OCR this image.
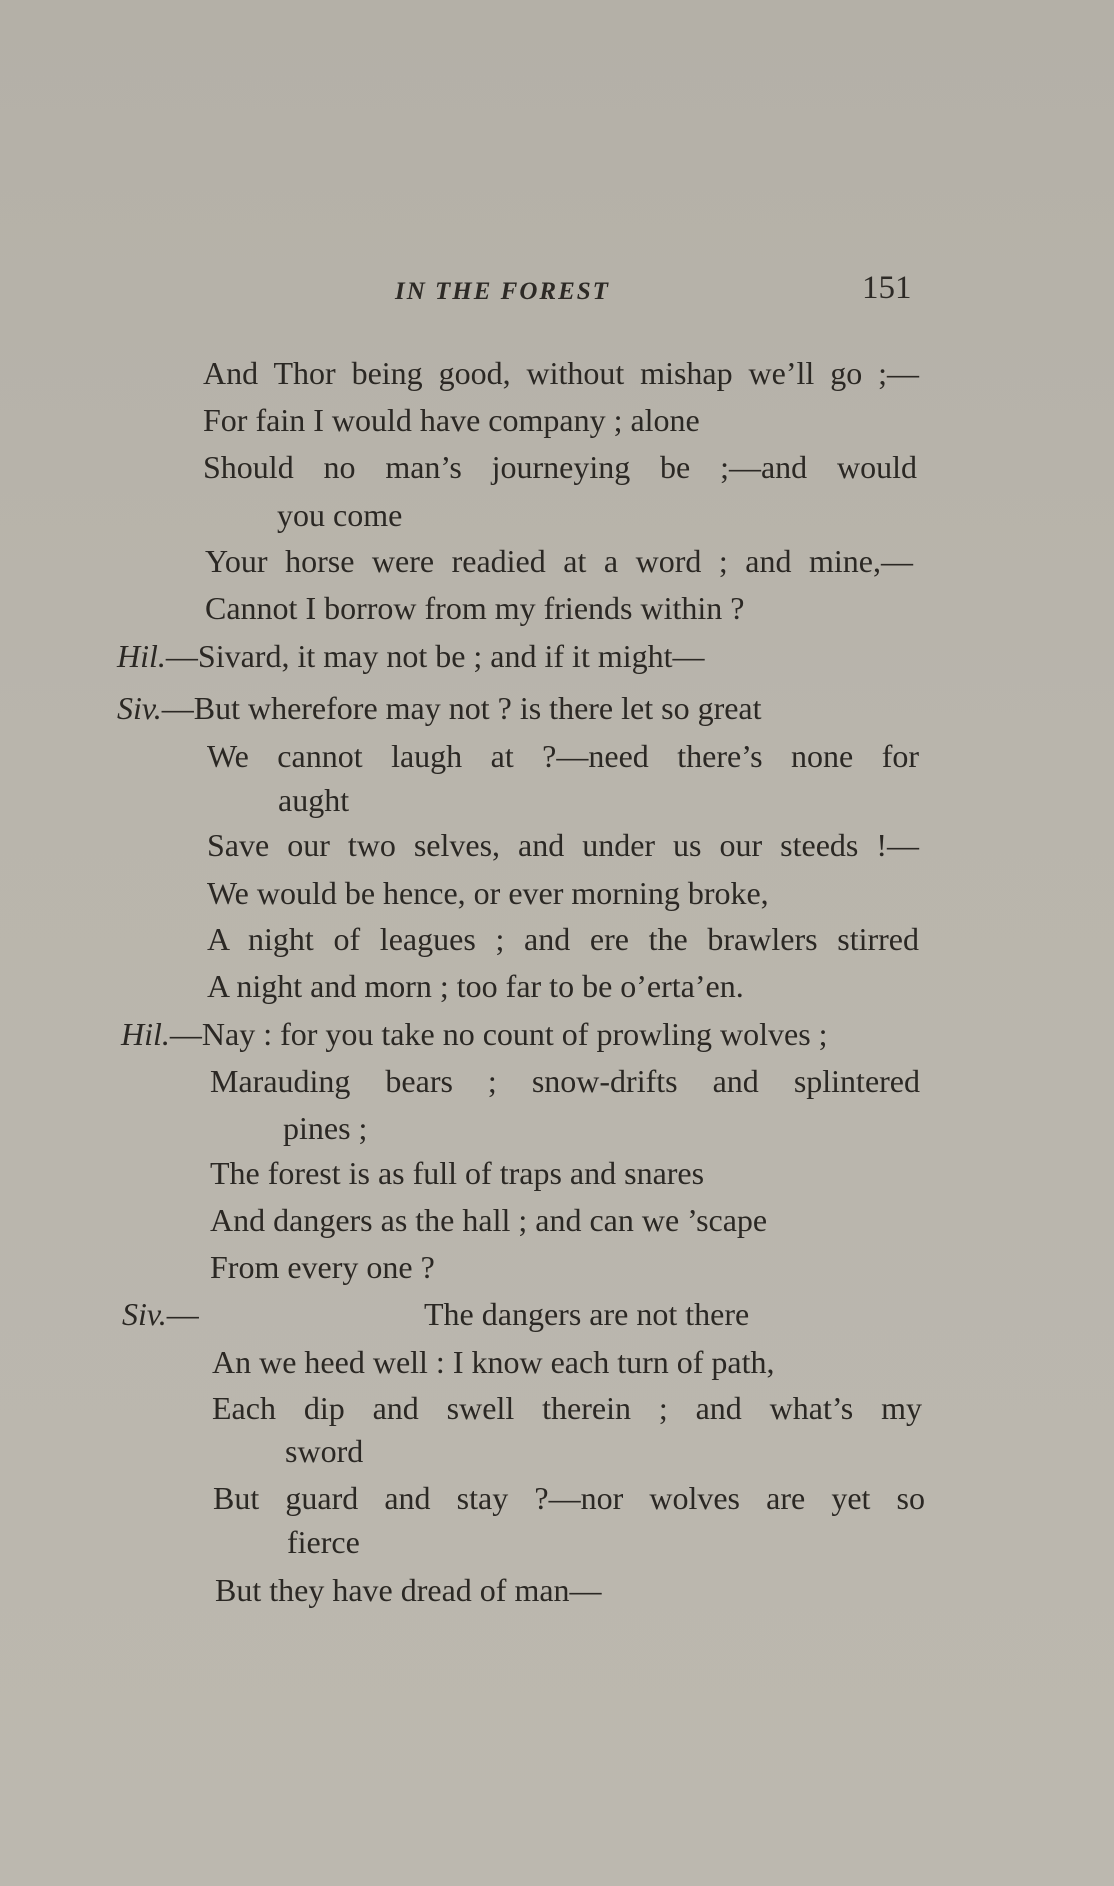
IN THE FOREST	151
And Thor being good, without mishap we’ll go ;—
For fain I would have company ; alone
Should no man’s journeying be ;—and would
you come
Your horse were readied at a word ; and mine,—
Cannot I borrow from my friends within ?
Hil.—Sivard, it may not be ; and if it might—
Siv.—But wherefore may not ? is there let so great
We cannot laugh at ?—need there’s none for
aught
Save our two selves, and under us our steeds !—
We would be hence, or ever morning broke,
A night of leagues ; and ere the brawlers stirred
A night and morn ; too far to be o’erta’en.
Hil.—Nay : for you take no count of prowling wolves ;
Marauding bears ; snow-drifts and splintered
pines ;
The forest is as full of traps and snares
And dangers as the hall ; and can we ’scape
From every one ?
Siv.—	The dangers are not there
An we heed well : I know each turn of path,
Each dip and swell therein ; and what’s my
sword
But guard and stay ?—nor wolves are yet so
fierce
But they have dread of man—
